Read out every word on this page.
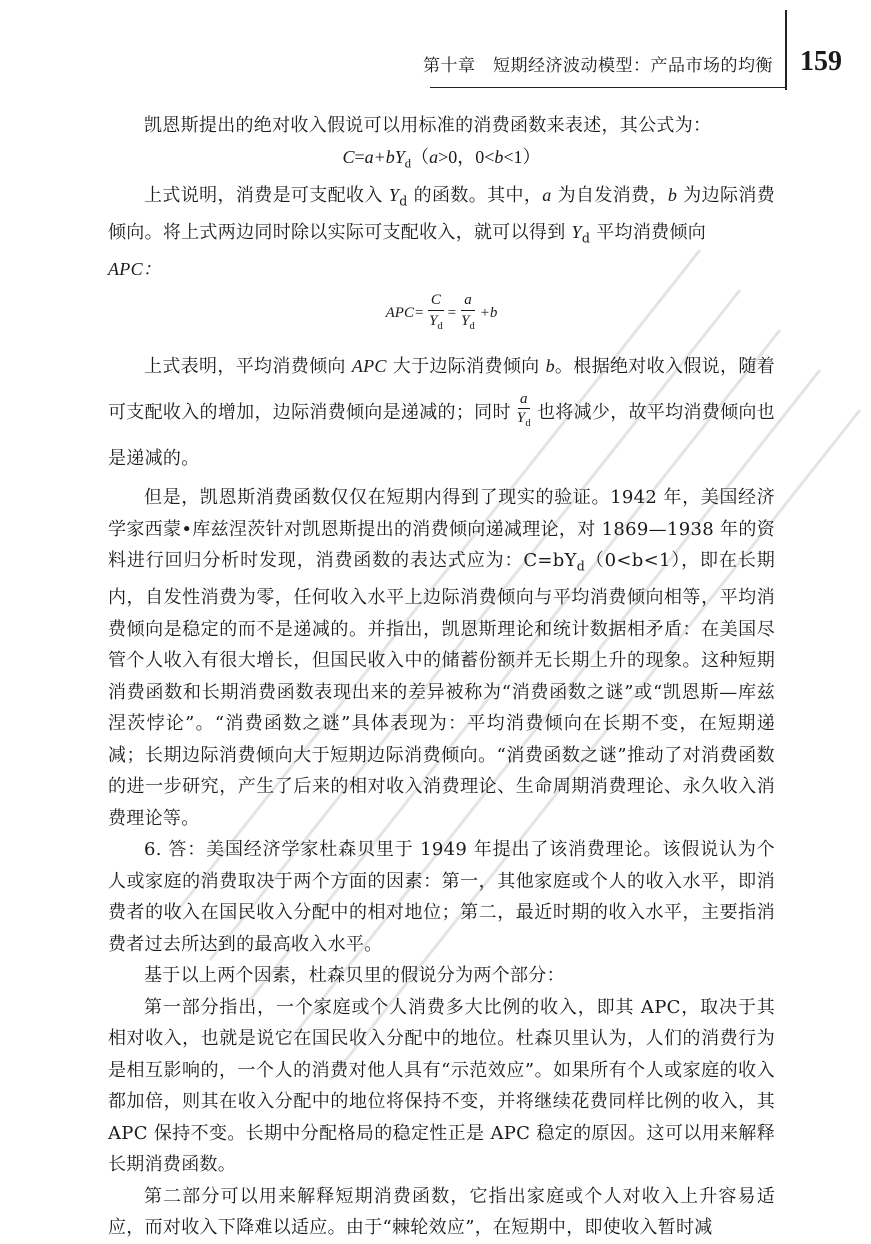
第十章　短期经济波动模型：产品市场的均衡 159

凯恩斯提出的绝对收入假说可以用标准的消费函数来表述，其公式为：

$C=a+bY_d(a>0$，0<b<1）

上式说明，消费是可支配收入 $Y_d$ 的函数。其中，a 为自发消费，b 为边际消费倾向。将上式两边同时除以实际可支配收入，就可以得到 $Y_d$ 平均消费倾向

APC：

$APC= \frac{C}{Y_d} = \frac{a}{Y_d} +b$

上式表明，平均消费倾向 APC 大于边际消费倾向 b。根据绝对收入假说，随着可支配收入的增加，边际消费倾向是递减的；同时 $\frac{a}{Y_d}$ 也将减少，故平均消费倾向也是递减的。

但是，凯恩斯消费函数仅仅在短期内得到了现实的验证。1942 年，美国经济学家西蒙•库兹涅茨针对凯恩斯提出的消费倾向递减理论，对 1869—1938 年的资料进行回归分析时发现，消费函数的表达式应为：$C=bY_d(0<b<1)$，即在长期内，自发性消费为零，任何收入水平上边际消费倾向与平均消费倾向相等，平均消费倾向是稳定的而不是递减的。并指出，凯恩斯理论和统计数据相矛盾：在美国尽管个人收入有很大增长，但国民收入中的储蓄份额并无长期上升的现象。这种短期消费函数和长期消费函数表现出来的差异被称为“消费函数之谜”或“凯恩斯—库兹涅茨悖论”。“消费函数之谜”具体表现为：平均消费倾向在长期不变，在短期递减；长期边际消费倾向大于短期边际消费倾向。“消费函数之谜”推动了对消费函数的进一步研究，产生了后来的相对收入消费理论、生命周期消费理论、永久收入消费理论等。

6. 答：美国经济学家杜森贝里于 1949 年提出了该消费理论。该假说认为个人或家庭的消费取决于两个方面的因素：第一，其他家庭或个人的收入水平，即消费者的收入在国民收入分配中的相对地位；第二，最近时期的收入水平，主要指消费者过去所达到的最高收入水平。

基于以上两个因素，杜森贝里的假说分为两个部分：

第一部分指出，一个家庭或个人消费多大比例的收入，即其 APC，取决于其相对收入，也就是说它在国民收入分配中的地位。杜森贝里认为，人们的消费行为是相互影响的，一个人的消费对他人具有“示范效应”。如果所有个人或家庭的收入都加倍，则其在收入分配中的地位将保持不变，并将继续花费同样比例的收入，其 APC 保持不变。长期中分配格局的稳定性正是 APC 稳定的原因。这可以用来解释长期消费函数。

第二部分可以用来解释短期消费函数，它指出家庭或个人对收入上升容易适应，而对收入下降难以适应。由于“棘轮效应”，在短期中，即使收入暂时减
